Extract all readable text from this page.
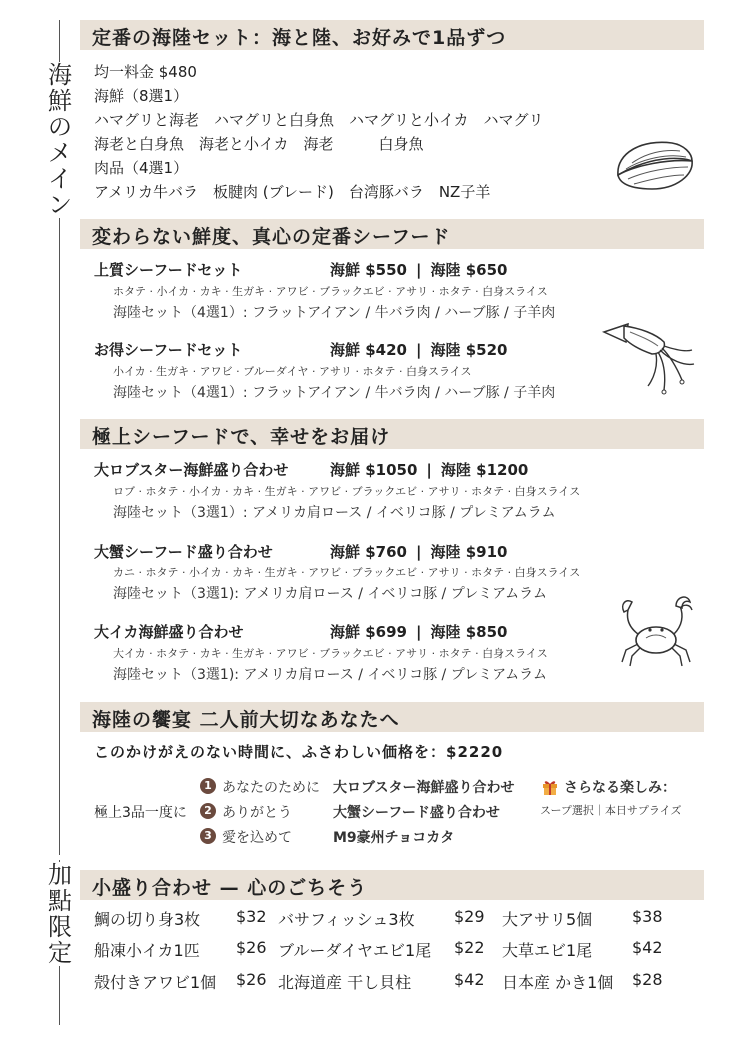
海
鮮
の
メ
イ
ン
加
點
限
定
定番の海陸セット：海と陸、お好みで1品ずつ
均一料金 $480
海鮮（8選1）
ハマグリと海老　ハマグリと白身魚　ハマグリと小イカ　ハマグリ
海老と白身魚　海老と小イカ　海老　　　白身魚
肉品（4選1）
アメリカ牛バラ　板腱肉 (ブレード)　台湾豚バラ　NZ子羊
変わらない鮮度、真心の定番シーフード
上質シーフードセット	海鮮 $550 | 海陸 $650
ホタテ · 小イカ · カキ · 生ガキ · アワビ · ブラックエビ · アサリ · ホタテ · 白身スライス
海陸セット（4選1）: フラットアイアン / 牛バラ肉 / ハーブ豚 / 子羊肉
お得シーフードセット	海鮮 $420 | 海陸 $520
小イカ · 生ガキ · アワビ · ブルーダイヤ · アサリ · ホタテ · 白身スライス
海陸セット（4選1）: フラットアイアン / 牛バラ肉 / ハーブ豚 / 子羊肉
極上シーフードで、幸せをお届け
大ロブスター海鮮盛り合わせ	海鮮 $1050 | 海陸 $1200
ロブ · ホタテ · 小イカ · カキ · 生ガキ · アワビ · ブラックエビ · アサリ · ホタテ · 白身スライス
海陸セット（3選1）: アメリカ肩ロース / イベリコ豚 / プレミアムラム
大蟹シーフード盛り合わせ	海鮮 $760 | 海陸 $910
カニ · ホタテ · 小イカ · カキ · 生ガキ · アワビ · ブラックエビ · アサリ · ホタテ · 白身スライス
海陸セット（3選1): アメリカ肩ロース / イベリコ豚 / プレミアムラム
大イカ海鮮盛り合わせ	海鮮 $699 | 海陸 $850
大イカ · ホタテ · カキ · 生ガキ · アワビ · ブラックエビ · アサリ · ホタテ · 白身スライス
海陸セット（3選1): アメリカ肩ロース / イベリコ豚 / プレミアムラム
海陸の饗宴 二人前大切なあなたへ
このかけがえのない時間に、ふさわしい価格を：$2220
極上3品一度に
1 あなたのために 大ロブスター海鮮盛り合わせ
2 ありがとう	大蟹シーフード盛り合わせ
3 愛を込めて	M9豪州チョコカタ
さらなる楽しみ：
スープ選択｜本日サプライズ
小盛り合わせ — 心のごちそう
鯛の切り身3枚 $32 バサフィッシュ3枚 $29 大アサリ5個 $38
船凍小イカ1匹 $26 ブルーダイヤエビ1尾 $22 大草エビ1尾 $42
殻付きアワビ1個 $26 北海道産 干し貝柱	$42 日本産 かき1個 $28
